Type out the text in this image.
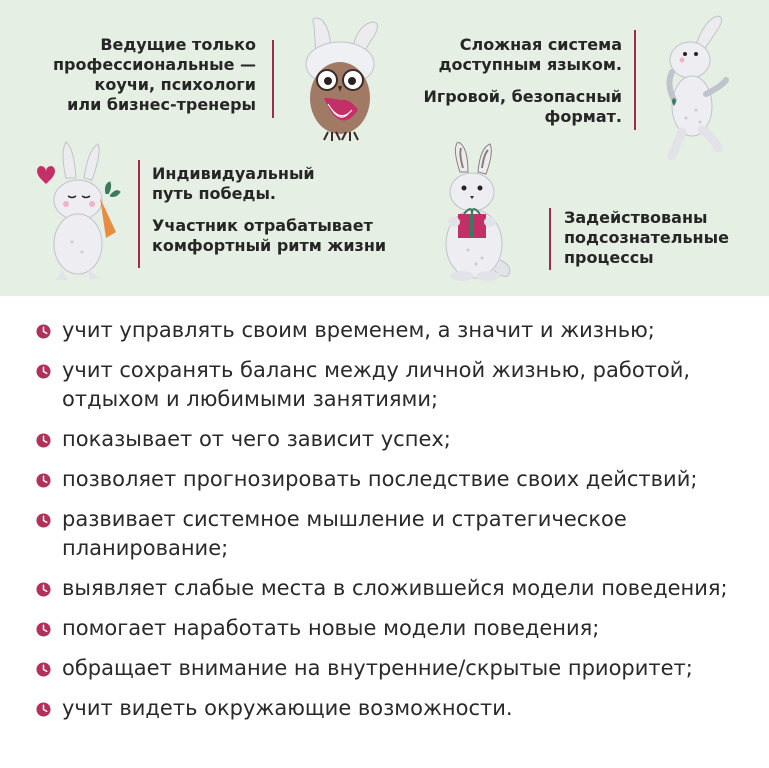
Ведущие только

профессиональные —

коучи, психологи

или бизнес-тренеры

Сложная система

доступным языком.

Игровой, безопасный

формат.

Индивидуальный

путь победы.

Участник отрабатывает

комфортный ритм жизни

Задействованы

подсознательные

процессы

учит управлять своим временем, а значит и жизнью;
учит сохранять баланс между личной жизнью, работой,
отдыхом и любимыми занятиями;
показывает от чего зависит успех;
позволяет прогнозировать последствие своих действий;
развивает системное мышление и стратегическое
планирование;
выявляет слабые места в сложившейся модели поведения;
помогает наработать новые модели поведения;
обращает внимание на внутренние/скрытые приоритет;
учит видеть окружающие возможности.
